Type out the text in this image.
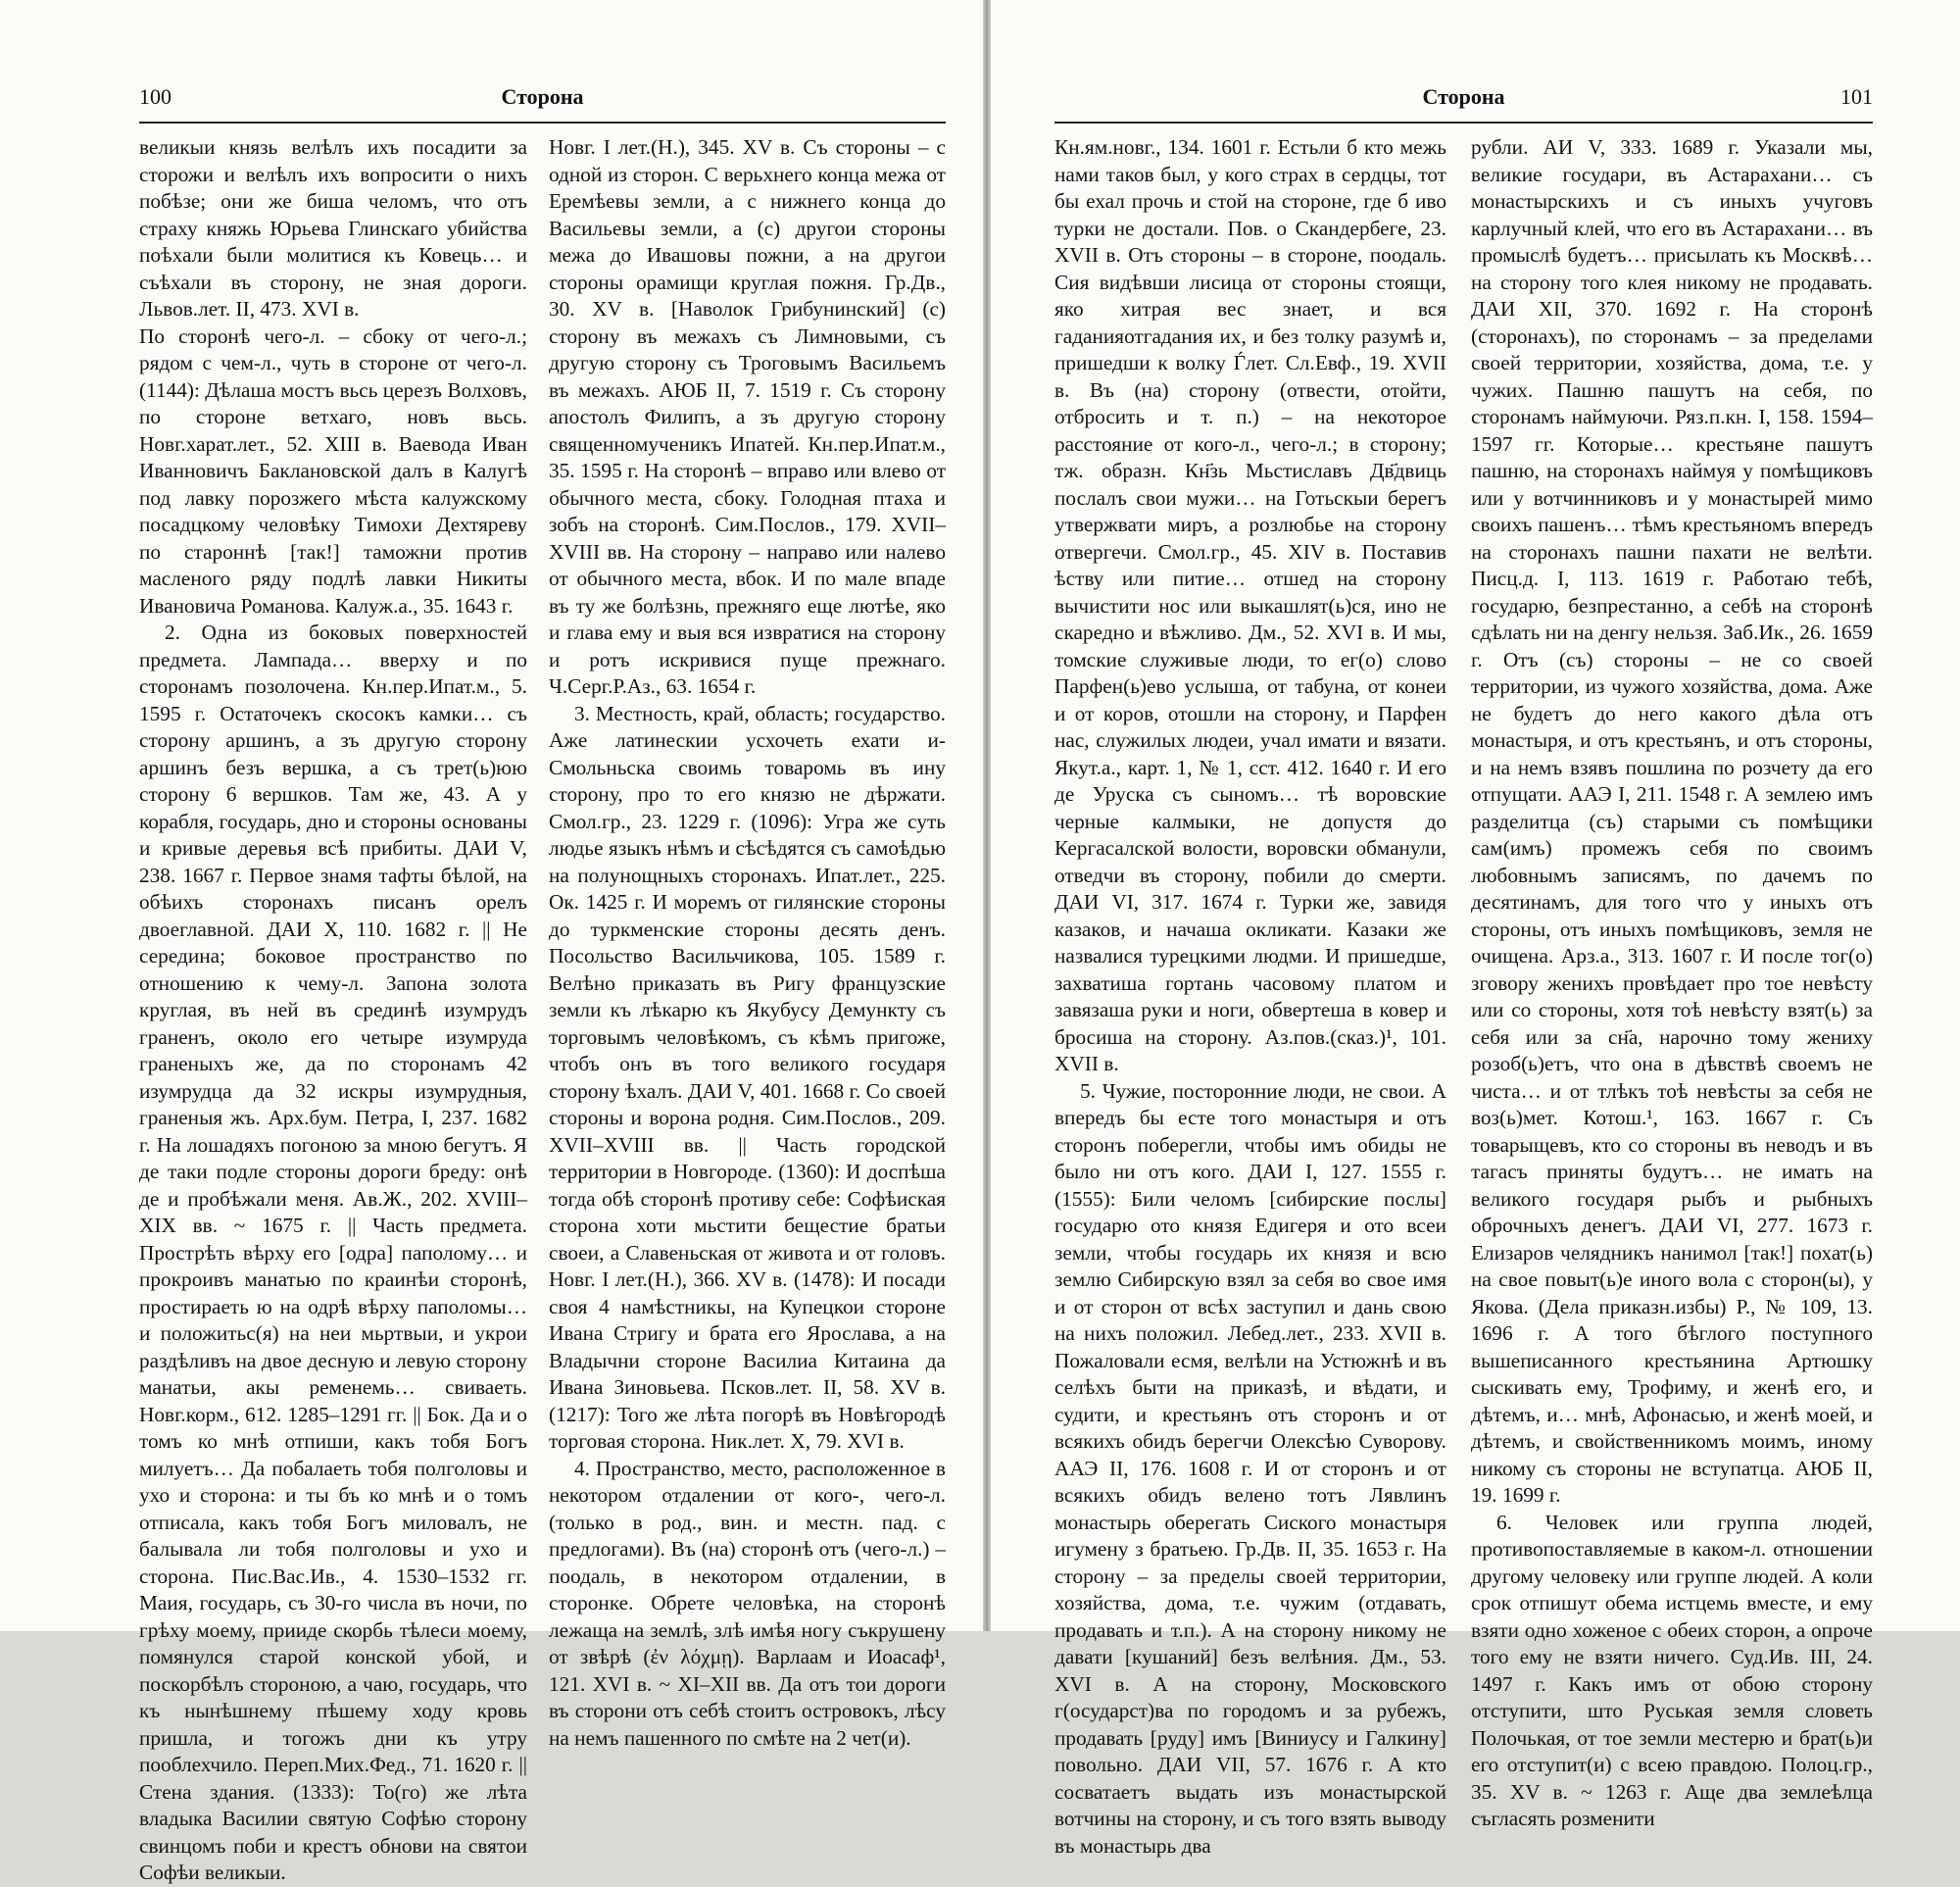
100	Сторона

великыи князь велѣлъ ихъ посадити за сторожи и велѣлъ ихъ вопросити о нихъ побѣзе; они же биша челомъ, что отъ страху княжь Юрьева Глинскаго убийства поѣхали были молитися къ Ковець… и съѣхали въ сторону, не зная дороги. Львов.лет. II, 473. XVI в.

По сторонѣ чего-л. – сбоку от чего-л.; рядом с чем-л., чуть в стороне от чего-л. (1144): Дѣлаша мостъ вьсь церезъ Волховъ, по стороне ветхаго, новъ вьсь. Новг.харат.лет., 52. XIII в. Ваевода Иван Иванновичъ Баклановской далъ в Калугѣ под лавку порозжего мѣста калужскому посадцкому человѣку Тимохи Дехтяреву по староннѣ [так!] таможни против масленого ряду подлѣ лавки Никиты Ивановича Романова. Калуж.а., 35. 1643 г.

2. Одна из боковых поверхностей предмета. Лампада… вверху и по сторонамъ позолочена. Кн.пер.Ипат.м., 5. 1595 г. Остаточекъ скосокъ камки… съ сторону аршинъ, а зъ другую сторону аршинъ безъ вершка, а съ трет(ь)юю сторону 6 вершков. Там же, 43. А у корабля, государь, дно и стороны основаны и кривые деревья всѣ прибиты. ДАИ V, 238. 1667 г. Первое знамя тафты бѣлой, на обѣихъ сторонахъ писанъ орелъ двоеглавной. ДАИ X, 110. 1682 г. || Не середина; боковое пространство по отношению к чему-л. Запона золота круглая, въ ней въ срединѣ изумрудъ граненъ, около его четыре изумруда граненыхъ же, да по сторонамъ 42 изумрудца да 32 искры изумрудныя, граненыя жъ. Арх.бум. Петра, I, 237. 1682 г. На лошадяхъ погоною за мною бегутъ. Я де таки подле стороны дороги бреду: онѣ де и пробѣжали меня. Ав.Ж., 202. XVIII–XIX вв. ~ 1675 г. || Часть предмета. Прострѣть вѣрху его [одра] паполому… и прокроивъ манатью по краинѣи сторонѣ, простираеть ю на одрѣ вѣрху паполомы… и положитьс(я) на неи мьртвыи, и укрои раздѣливъ на двое десную и левую сторону манатьи, акы ременемь… свиваеть. Новг.корм., 612. 1285–1291 гг. || Бок. Да и о томъ ко мнѣ отпиши, какъ тобя Богъ милуетъ… Да побалаеть тобя полголовы и ухо и сторона: и ты бъ ко мнѣ и о томъ отписала, какъ тобя Богъ миловалъ, не балывала ли тобя полголовы и ухо и сторона. Пис.Вас.Ив., 4. 1530–1532 гг. Маия, государь, съ 30-го числа въ ночи, по грѣху моему, прииде скорбь тѣлеси моему, помянулся старой конской убой, и поскорбѣлъ стороною, а чаю, государь, что къ нынѣшнему пѣшему ходу кровь пришла, и тогожъ дни къ утру пооблехчило. Переп.Мих.Фед., 71. 1620 г. || Стена здания. (1333): То(го) же лѣта владыка Василии святую Софѣю сторону свинцомъ поби и крестъ обнови на святои Софѣи великыи.

Новг. I лет.(Н.), 345. XV в. Съ стороны – с одной из сторон. С верьхнего конца межа от Еремѣевы земли, а с нижнего конца до Васильевы земли, а (с) другои стороны межа до Ивашовы пожни, а на другои стороны орамищи круглая пожня. Гр.Дв., 30. XV в. [Наволок Грибунинский] (с) сторону въ межахъ съ Лимновыми, съ другую сторону съ Троговымъ Васильемъ въ межахъ. АЮБ II, 7. 1519 г. Съ сторону апостолъ Филипъ, а зъ другую сторону священномученикъ Ипатей. Кн.пер.Ипат.м., 35. 1595 г. На сторонѣ – вправо или влево от обычного места, сбоку. Голодная птаха и зобъ на сторонѣ. Сим.Послов., 179. XVII–XVIII вв. На сторону – направо или налево от обычного места, вбок. И по мале впаде въ ту же болѣзнь, прежняго еще лютѣе, яко и глава ему и выя вся извратися на сторону и ротъ искривися пуще прежнаго. Ч.Серг.Р.Аз., 63. 1654 г.

3. Местность, край, область; государство. Аже латинескии усхочеть ехати и-Смольньска своимь товаромь въ ину сторону, про то его князю не дѣржати. Смол.гр., 23. 1229 г. (1096): Угра же суть людье языкъ нѣмъ и сѣсѣдятся съ самоѣдью на полунощныхъ сторонахъ. Ипат.лет., 225. Ок. 1425 г. И моремъ от гилянские стороны до туркменские стороны десять денъ. Посольство Васильчикова, 105. 1589 г. Велѣно приказать въ Ригу французские земли къ лѣкарю къ Якубусу Демункту съ торговымъ человѣкомъ, съ кѣмъ пригоже, чтобъ онъ въ того великого государя сторону ѣхалъ. ДАИ V, 401. 1668 г. Со своей стороны и ворона родня. Сим.Послов., 209. XVII–XVIII вв. || Часть городской территории в Новгороде. (1360): И доспѣша тогда обѣ сторонѣ противу себе: Софѣиская сторона хоти мьстити бещестие братьи своеи, а Славеньская от живота и от головъ. Новг. I лет.(Н.), 366. XV в. (1478): И посади своя 4 намѣстникы, на Купецкои стороне Ивана Стригу и брата его Ярослава, а на Владычни стороне Василиа Китаина да Ивана Зиновьевa. Псков.лет. II, 58. XV в. (1217): Того же лѣта погорѣ въ Новѣгородѣ торговая сторона. Ник.лет. X, 79. XVI в.

4. Пространство, место, расположенное в некотором отдалении от кого-, чего-л. (только в род., вин. и местн. пад. с предлогами). Въ (на) сторонѣ отъ (чего-л.) – поодаль, в некотором отдалении, в сторонке. Обрете человѣка, на сторонѣ лежаща на землѣ, злѣ имѣя ногу съкрушену от звѣрѣ (ἐν λόχμῃ). Варлаам и Иоасаф¹, 121. XVI в. ~ XI–XII вв. Да отъ тои дороги въ сторони отъ себѣ стоитъ островокъ, лѣсу на немъ пашенного по смѣте на 2 чет(и).

Сторона	101

Кн.ям.новг., 134. 1601 г. Естьли б кто межь нами таков был, у кого страх в сердцы, тот бы ехал прочь и стой на стороне, где б иво турки не достали. Пов. о Скандербеге, 23. XVII в. Отъ стороны – в стороне, поодаль. Сия видѣвши лисица от стороны стоящи, яко хитрая вес знает, и вся гаданияотгадания их, и без толку разумѣ и, пришедши к волку Ѓлет. Сл.Евф., 19. XVII в. Въ (на) сторону (отвести, отойти, отбросить и т. п.) – на некоторое расстояние от кого-л., чего-л.; в сторону; тж. образн. Кн҃зь Мьстиславъ Дв҃двиць послалъ свои мужи… на Готьскыи берегъ утвержвати миръ, а розлюбье на сторону отвергечи. Смол.гр., 45. XIV в. Поставив ѣству или питие… отшед на сторону вычистити нос или выкашлят(ь)ся, ино не скаредно и вѣжливо. Дм., 52. XVI в. И мы, томские служивые люди, то ег(о) слово Парфен(ь)ево услыша, от табуна, от конеи и от коров, отошли на сторону, и Парфен нас, служилых людеи, учал имати и вязати. Якут.а., карт. 1, № 1, сст. 412. 1640 г. И его де Уруска съ сыномъ… тѣ воровские черные калмыки, не допустя до Кергасалской волости, воровски обманули, отведчи въ сторону, побили до смерти. ДАИ VI, 317. 1674 г. Турки же, завидя казаков, и начаша окликати. Казаки же назвалися турецкими людми. И пришедше, захватиша гортань часовому платом и завязаша руки и ноги, обвертеша в ковер и бросиша на сторону. Аз.пов.(сказ.)¹, 101. XVII в.

5. Чужие, посторонние люди, не свои. А впередъ бы естe того монастыря и отъ сторонъ поберегли, чтобы имъ обиды не было ни отъ кого. ДАИ I, 127. 1555 г. (1555): Били челомъ [сибирские послы] государю ото князя Едигеря и ото всеи земли, чтобы государь их князя и всю землю Сибирскую взял за себя во свое имя и от сторон от всѣх заступил и дань свою на нихъ положил. Лебед.лет., 233. XVII в. Пожаловали есмя, велѣли на Устюжнѣ и въ селѣхъ быти на приказѣ, и вѣдати, и судити, и крестьянъ отъ сторонъ и от всякихъ обидъ берегчи Олексѣю Суворову. ААЭ II, 176. 1608 г. И от сторонъ и от всякихъ обидъ велено тотъ Лявлинъ монастырь оберегать Сиского монастыря игумену з братьею. Гр.Дв. II, 35. 1653 г. На сторону – за пределы своей территории, хозяйства, дома, т.е. чужим (отдавать, продавать и т.п.). А на сторону никому не давати [кушаний] безъ велѣния. Дм., 53. XVI в. А на сторону, Московского г(осударст)ва по городомъ и за рубежъ, продавать [руду] имъ [Виниусу и Галкину] повольно. ДАИ VII, 57. 1676 г. А кто сосватаетъ выдать изъ монастырской вотчины на сторону, и съ того взять выводу въ монастырь два

рубли. АИ V, 333. 1689 г. Указали мы, великие государи, въ Астарахани… съ монастырскихъ и съ иныхъ учуговъ карлучный клей, что его въ Астарахани… въ промыслѣ будетъ… присылать къ Москвѣ… на сторону того клея никому не продавать. ДАИ XII, 370. 1692 г. На сторонѣ (сторонахъ), по сторонамъ – за пределами своей территории, хозяйства, дома, т.е. у чужих. Пашню пашутъ на себя, по сторонамъ наймуючи. Ряз.п.кн. I, 158. 1594–1597 гг. Которые… крестьяне пашутъ пашню, на сторонахъ наймуя у помѣщиковъ или у вотчинниковъ и у монастырей мимо своихъ пашенъ… тѣмъ крестьяномъ впередъ на сторонахъ пашни пахати не велѣти. Писц.д. I, 113. 1619 г. Работаю тебѣ, государю, безпрестанно, а себѣ на сторонѣ сдѣлать ни на денгу нельзя. Заб.Ик., 26. 1659 г. Отъ (съ) стороны – не со своей территории, из чужого хозяйства, дома. Аже не будетъ до него какого дѣла отъ монастыря, и отъ крестьянъ, и отъ стороны, и на немъ взявъ пошлина по розчету да его отпущати. ААЭ I, 211. 1548 г. А землею имъ разделитца (съ) старыми съ помѣщики сам(имъ) промежъ себя по своимъ любовнымъ записямъ, по дачемъ по десятинамъ, для того что у иныхъ отъ стороны, отъ иныхъ помѣщиковъ, земля не очищена. Арз.а., 313. 1607 г. И после тог(о) зговору женихъ провѣдает про тое невѣсту или со стороны, хотя тоѣ невѣсту взят(ь) за себя или за сн҃а, нарочно тому жениху розоб(ь)етъ, что она в дѣвствѣ своемъ не чиста… и от тлѣкъ тоѣ невѣсты за себя не воз(ь)мет. Котош.¹, 163. 1667 г. Съ товарыщевъ, кто со стороны въ неводъ и въ тагасъ приняты будутъ… не имать на великого государя рыбъ и рыбныхъ оброчныхъ денегъ. ДАИ VI, 277. 1673 г. Елизаров челядникъ нанимол [так!] похат(ь) на свое повыт(ь)е иного вола с сторон(ы), у Якова. (Дела приказн.избы) Р., № 109, 13. 1696 г. А того бѣглого поступного вышеписанного крестьянина Артюшку сыскивать ему, Трофиму, и женѣ его, и дѣтемъ, и… мнѣ, Афонасью, и женѣ моей, и дѣтемъ, и свойственникомъ моимъ, иному никому съ стороны не вступатца. АЮБ II, 19. 1699 г.

6. Человек или группа людей, противопоставляемые в каком-л. отношении другому человеку или группе людей. А коли срок отпишут обема истцемь вместе, и ему взяти одно хоженое с обеих сторон, а опроче того ему не взяти ничего. Суд.Ив. III, 24. 1497 г. Какъ имъ от обою сторону отступити, што Руськая земля словеть Полочькая, от тое земли местерю и брат(ь)и его отступит(и) с всею правдою. Полоц.гр., 35. XV в. ~ 1263 г. Аще два землеѣлца съгласять розменити
